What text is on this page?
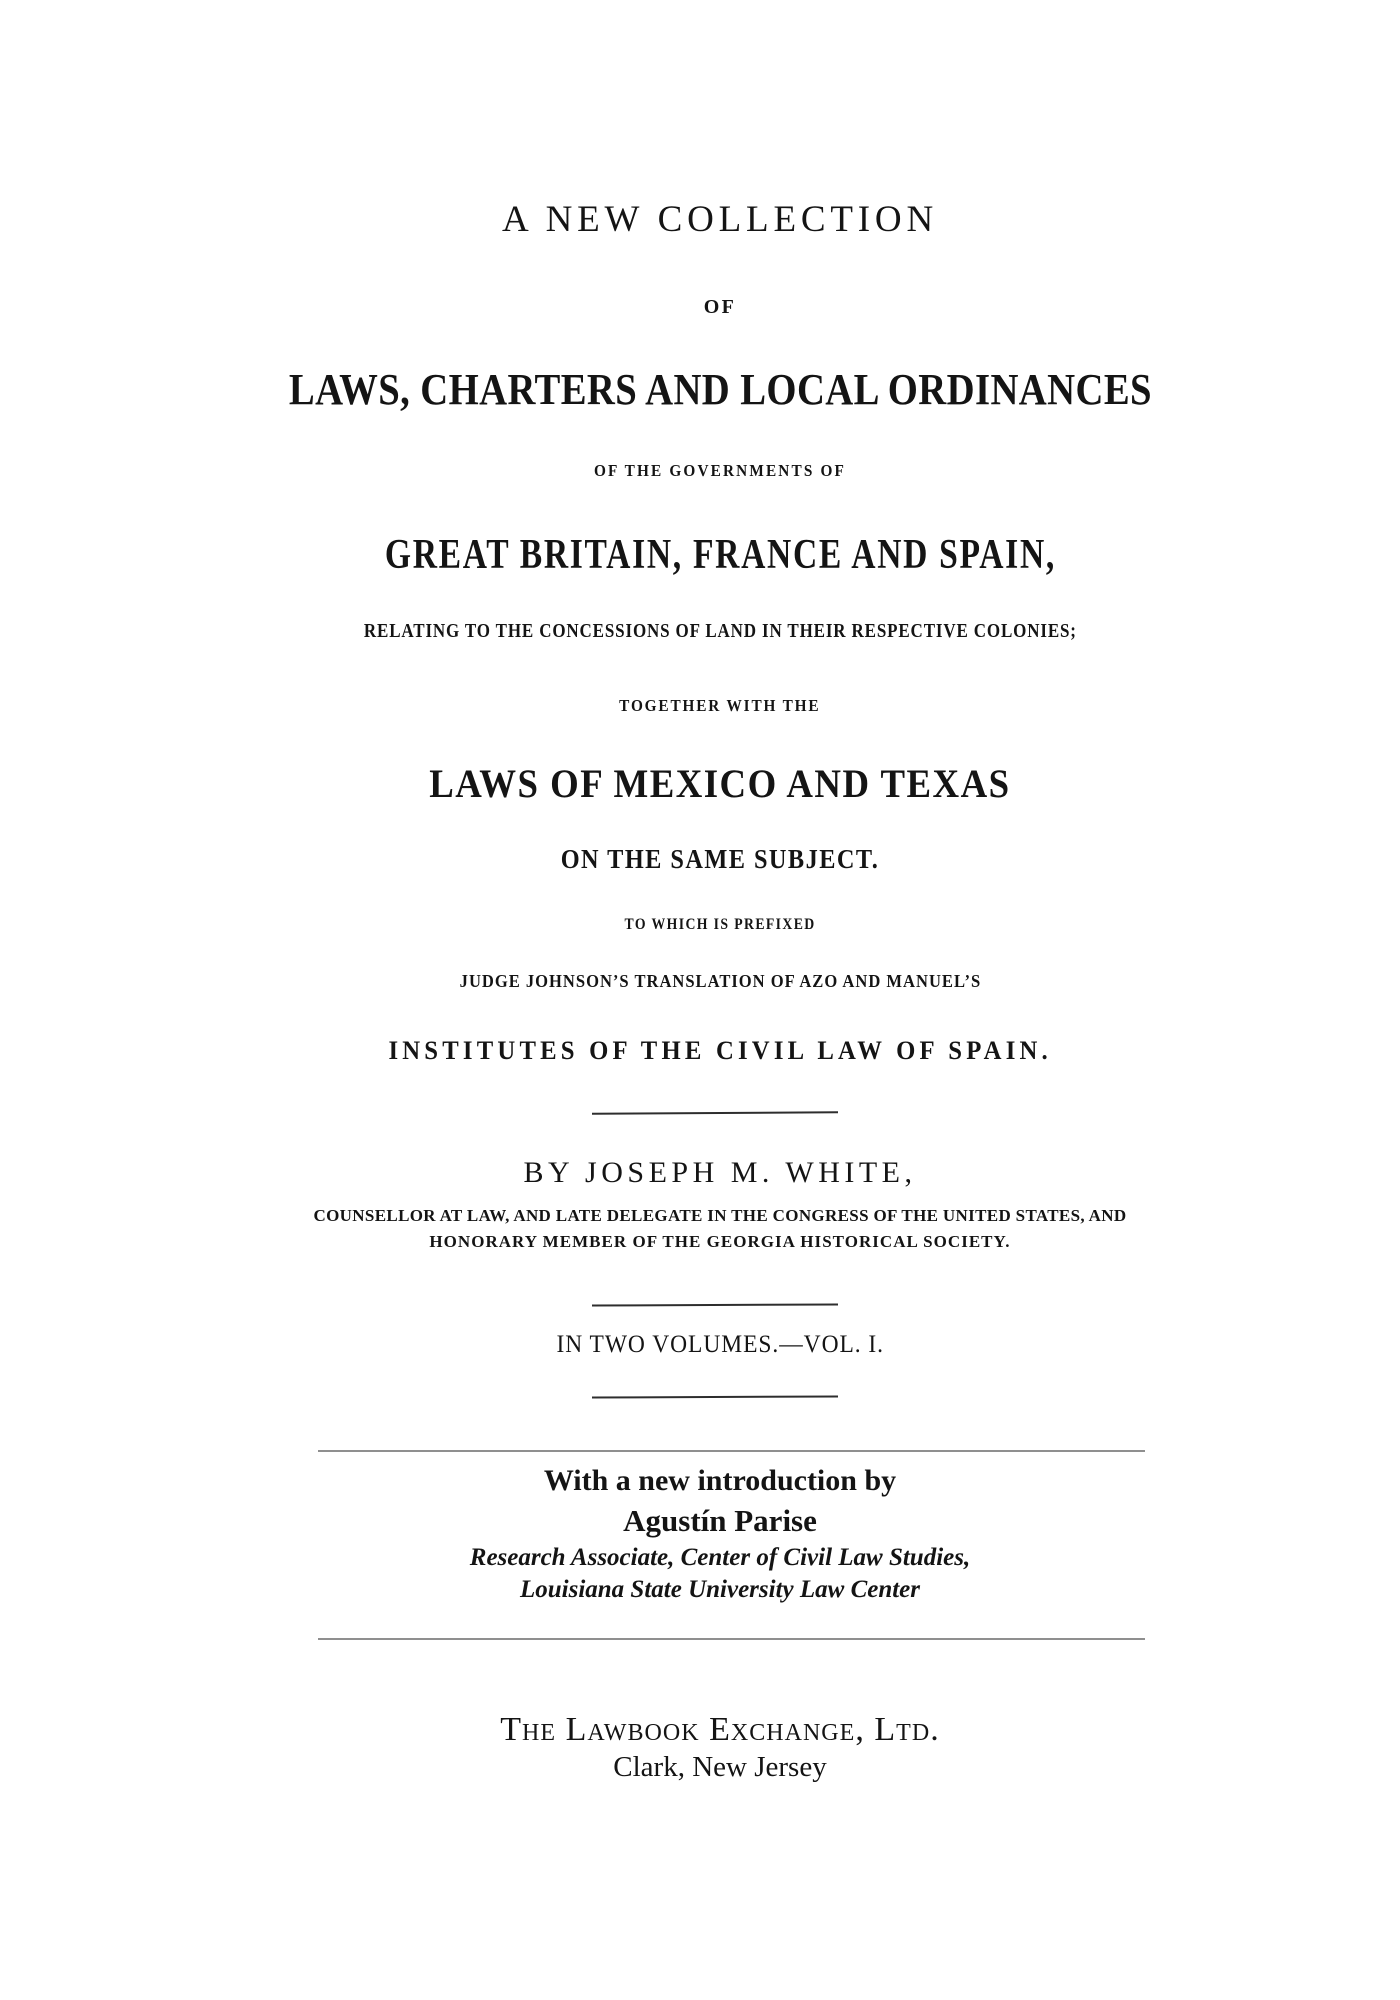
A NEW COLLECTION
OF
LAWS, CHARTERS AND LOCAL ORDINANCES
OF THE GOVERNMENTS OF
GREAT BRITAIN, FRANCE AND SPAIN,
RELATING TO THE CONCESSIONS OF LAND IN THEIR RESPECTIVE COLONIES;
TOGETHER WITH THE
LAWS OF MEXICO AND TEXAS
ON THE SAME SUBJECT.
TO WHICH IS PREFIXED
JUDGE JOHNSON’S TRANSLATION OF AZO AND MANUEL’S
INSTITUTES OF THE CIVIL LAW OF SPAIN.
BY JOSEPH M. WHITE,
COUNSELLOR AT LAW, AND LATE DELEGATE IN THE CONGRESS OF THE UNITED STATES, AND
HONORARY MEMBER OF THE GEORGIA HISTORICAL SOCIETY.
IN TWO VOLUMES.—VOL. I.
With a new introduction by
Agustín Parise
Research Associate, Center of Civil Law Studies,
Louisiana State University Law Center
The Lawbook Exchange, Ltd.
Clark, New Jersey
